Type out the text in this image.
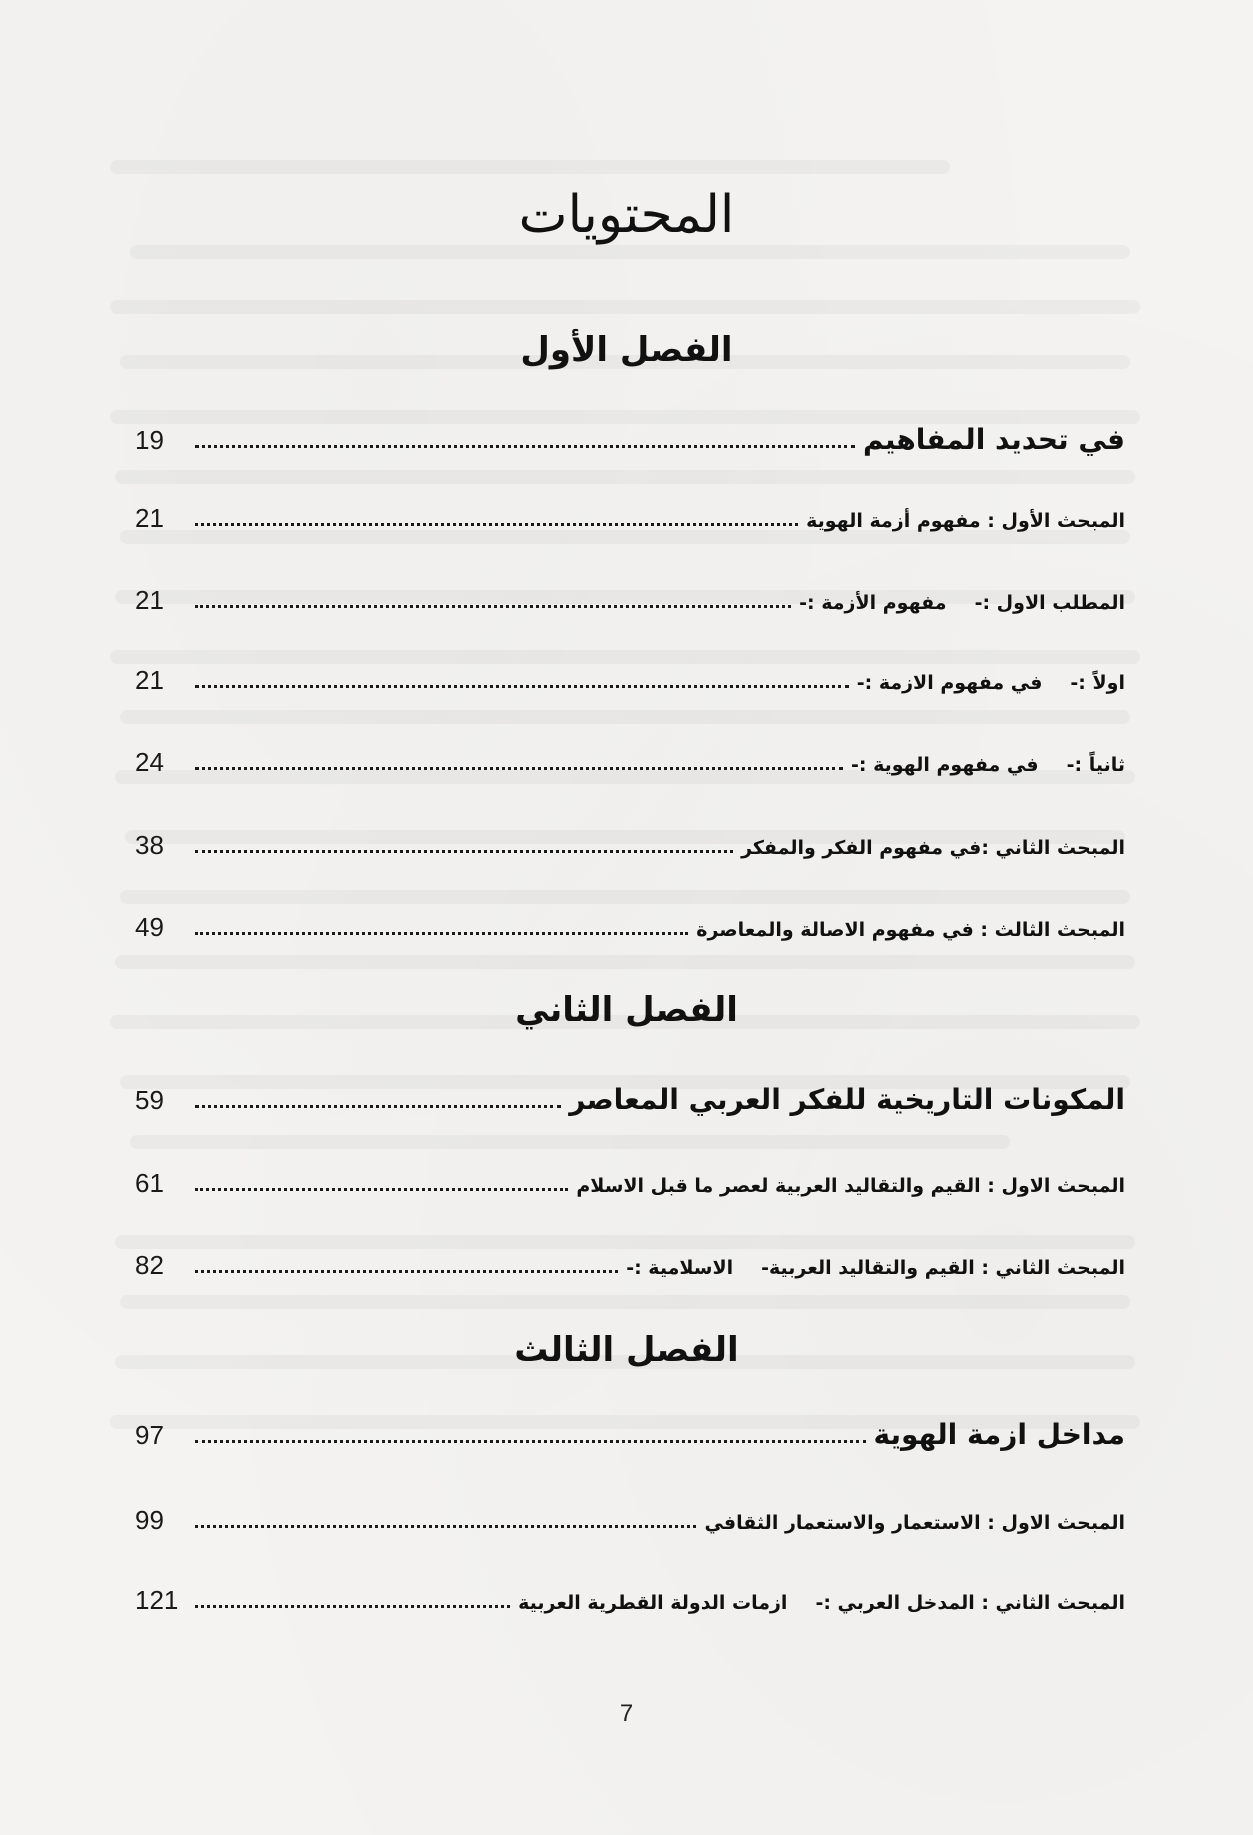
المحتويات
الفصل الأول
19	في تحديد المفاهيم
21	المبحث الأول : مفهوم أزمة الهوية
21	المطلب الاول :-مفهوم الأزمة :-
21	اولاً :-في مفهوم الازمة :-
24	ثانياً :-في مفهوم الهوية :-
38	المبحث الثاني :في مفهوم الفكر والمفكر
49	المبحث الثالث : في مفهوم الاصالة والمعاصرة
الفصل الثاني
59	المكونات التاريخية للفكر العربي المعاصر
61	المبحث الاول : القيم والتقاليد العربية لعصر ما قبل الاسلام
82	المبحث الثاني : القيم والتقاليد العربية-الاسلامية :-
الفصل الثالث
97	مداخل ازمة الهوية
99	المبحث الاول : الاستعمار والاستعمار الثقافي
121	المبحث الثاني : المدخل العربي :-ازمات الدولة القطرية العربية
7
